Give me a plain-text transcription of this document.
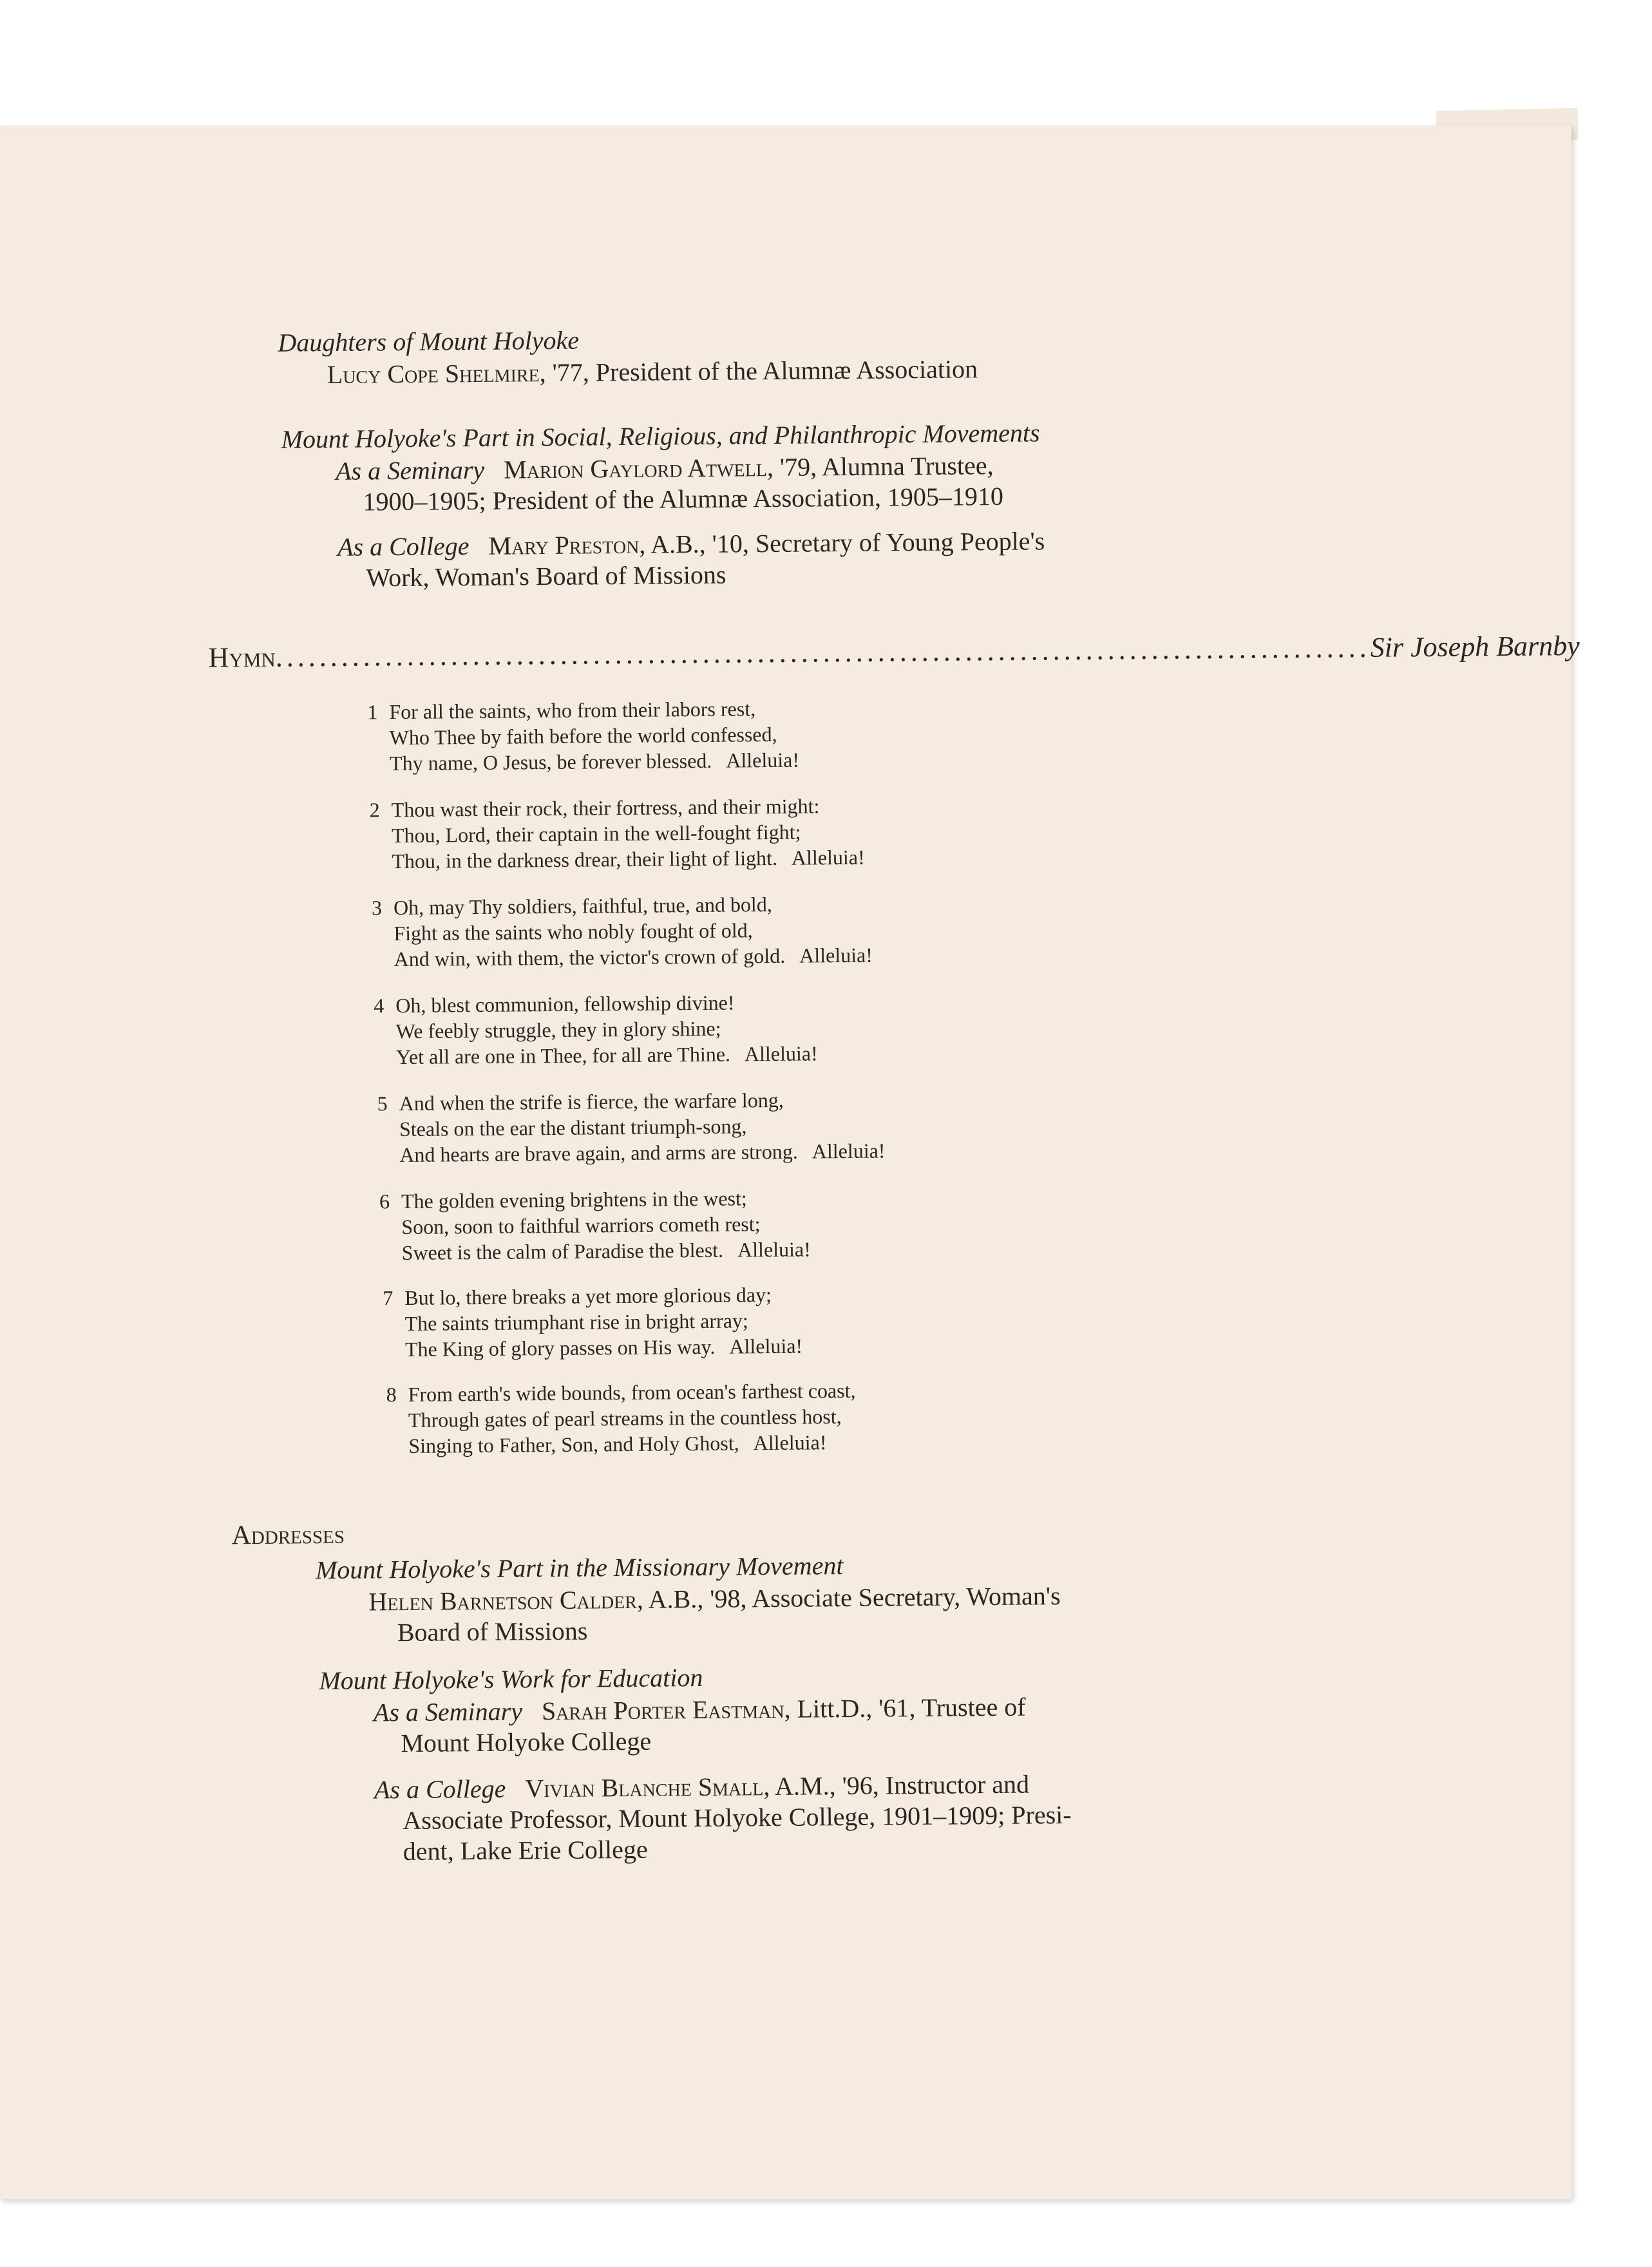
Daughters of Mount Holyoke
Lucy Cope Shelmire, '77, President of the Alumnæ Association
Mount Holyoke's Part in Social, Religious, and Philanthropic Movements
As a Seminary Marion Gaylord Atwell, '79, Alumna Trustee,
1900–1905; President of the Alumnæ Association, 1905–1910
As a College Mary Preston, A.B., '10, Secretary of Young People's
Work, Woman's Board of Missions
Hymn .................................................................................................... Sir Joseph Barnby
1 For all the saints, who from their labors rest,
Who Thee by faith before the world confessed,
Thy name, O Jesus, be forever blessed. Alleluia!
2 Thou wast their rock, their fortress, and their might:
Thou, Lord, their captain in the well-fought fight;
Thou, in the darkness drear, their light of light. Alleluia!
3 Oh, may Thy soldiers, faithful, true, and bold,
Fight as the saints who nobly fought of old,
And win, with them, the victor's crown of gold. Alleluia!
4 Oh, blest communion, fellowship divine!
We feebly struggle, they in glory shine;
Yet all are one in Thee, for all are Thine. Alleluia!
5 And when the strife is fierce, the warfare long,
Steals on the ear the distant triumph-song,
And hearts are brave again, and arms are strong. Alleluia!
6 The golden evening brightens in the west;
Soon, soon to faithful warriors cometh rest;
Sweet is the calm of Paradise the blest. Alleluia!
7 But lo, there breaks a yet more glorious day;
The saints triumphant rise in bright array;
The King of glory passes on His way. Alleluia!
8 From earth's wide bounds, from ocean's farthest coast,
Through gates of pearl streams in the countless host,
Singing to Father, Son, and Holy Ghost, Alleluia!
Addresses
Mount Holyoke's Part in the Missionary Movement
Helen Barnetson Calder, A.B., '98, Associate Secretary, Woman's
Board of Missions
Mount Holyoke's Work for Education
As a Seminary Sarah Porter Eastman, Litt.D., '61, Trustee of
Mount Holyoke College
As a College Vivian Blanche Small, A.M., '96, Instructor and
Associate Professor, Mount Holyoke College, 1901–1909; Presi-
dent, Lake Erie College
